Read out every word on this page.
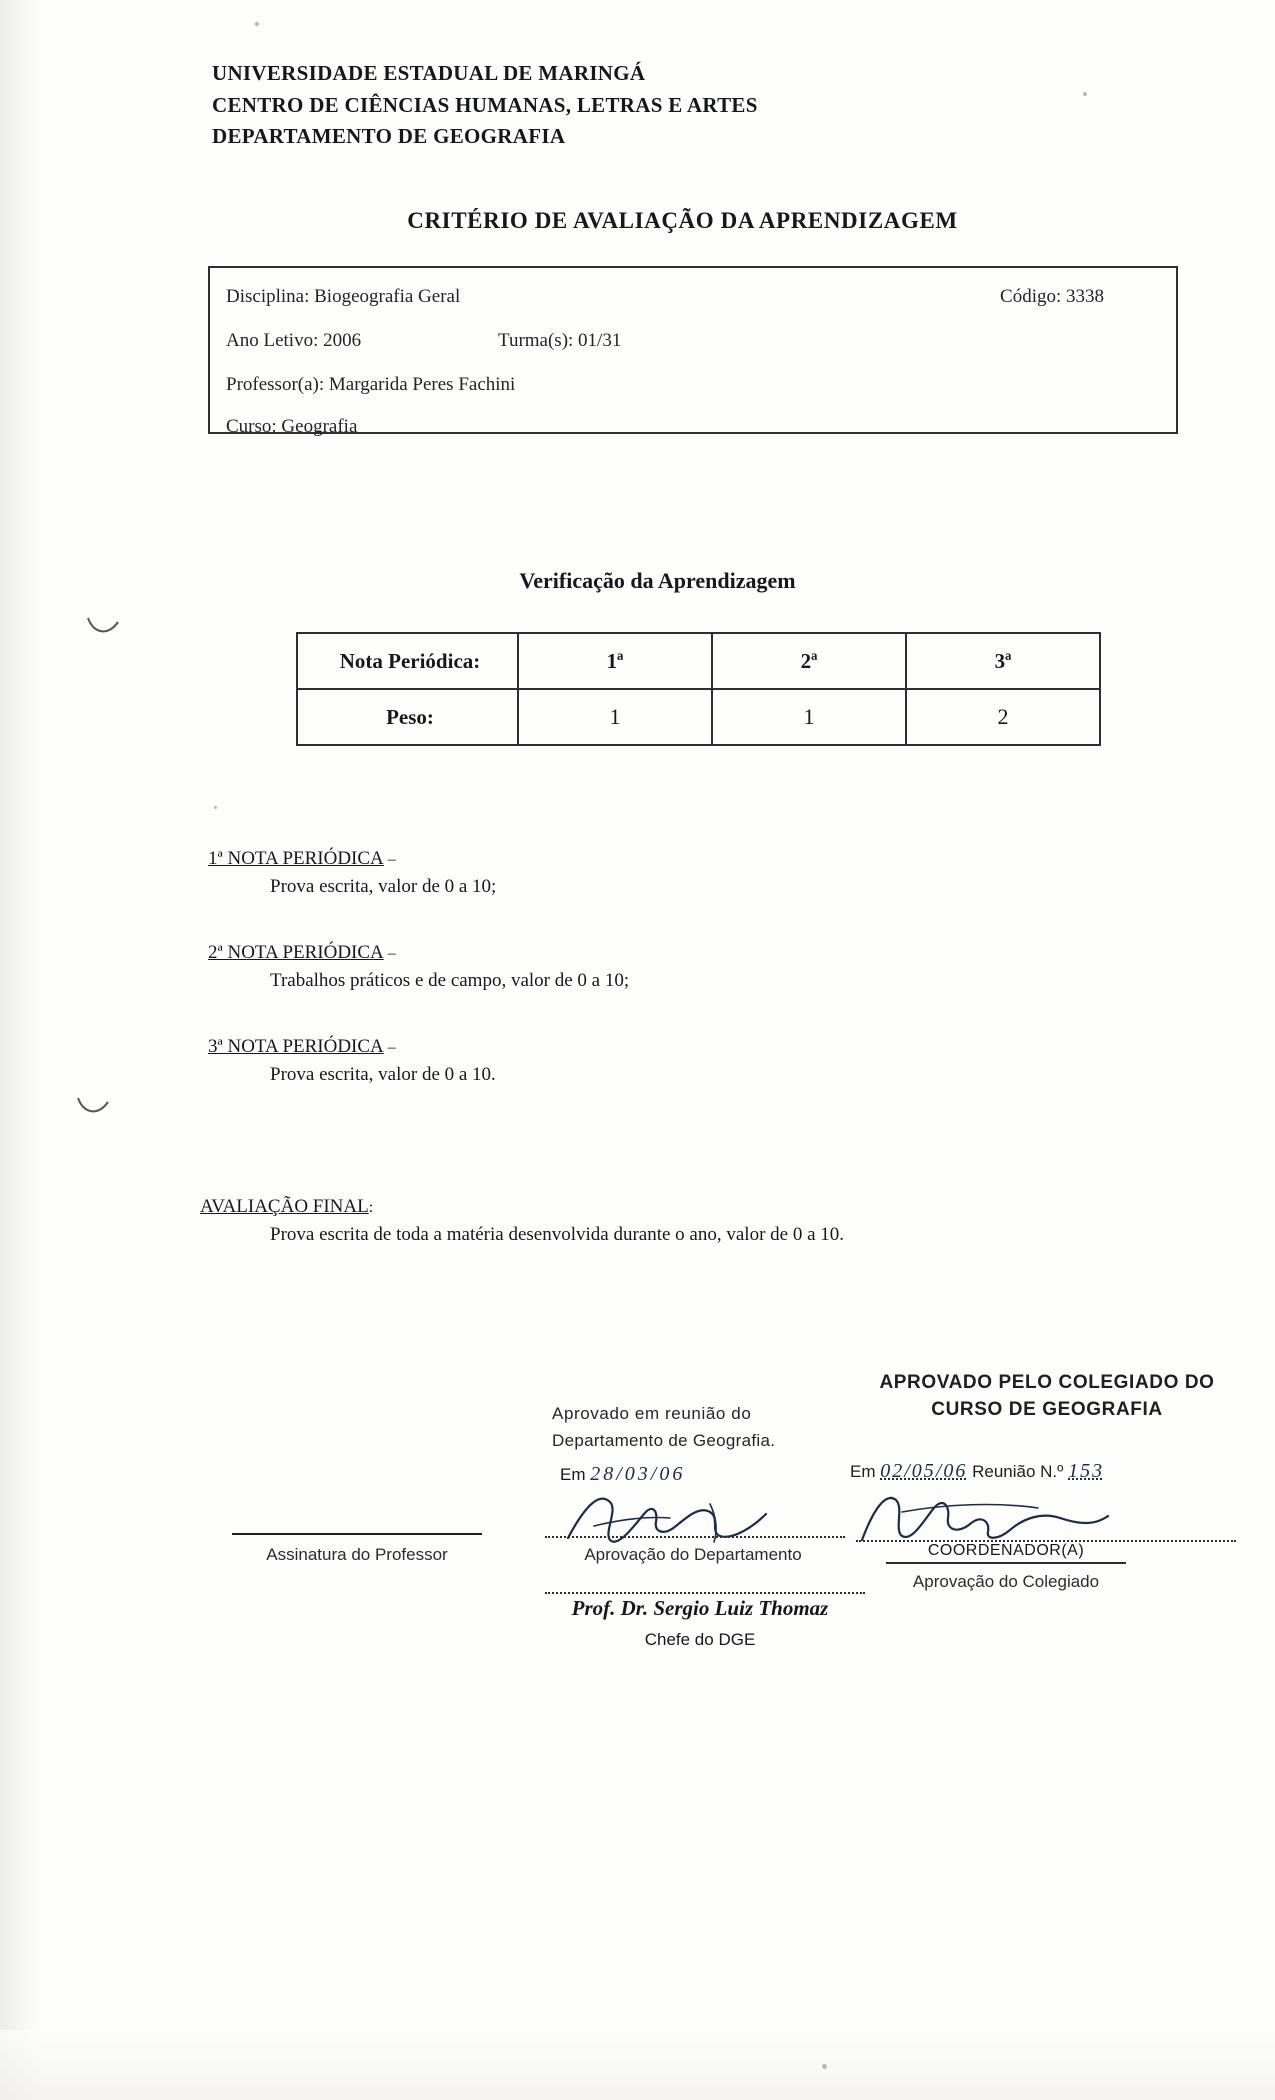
UNIVERSIDADE ESTADUAL DE MARINGÁ
CENTRO DE CIÊNCIAS HUMANAS, LETRAS E ARTES
DEPARTAMENTO DE GEOGRAFIA
CRITÉRIO DE AVALIAÇÃO DA APRENDIZAGEM
Disciplina: Biogeografia Geral	Código: 3338
Ano Letivo: 2006	Turma(s): 01/31
Professor(a): Margarida Peres Fachini
Curso: Geografia
Verificação da Aprendizagem
Nota Periódica:	1ª	2ª	3ª
Peso:	1	1	2
1ª NOTA PERIÓDICA –
Prova escrita, valor de 0 a 10;
2ª NOTA PERIÓDICA –
Trabalhos práticos e de campo, valor de 0 a 10;
3ª NOTA PERIÓDICA –
Prova escrita, valor de 0 a 10.
AVALIAÇÃO FINAL:
Prova escrita de toda a matéria desenvolvida durante o ano, valor de 0 a 10.
Assinatura do Professor
Aprovado em reunião do
Departamento de Geografia.
Em 28/03/06
Aprovação do Departamento
Prof. Dr. Sergio Luiz Thomaz
Chefe do DGE
APROVADO PELO COLEGIADO DO
CURSO DE GEOGRAFIA
Em 02/05/06 Reunião N.º 153
COORDENADOR(A)
Aprovação do Colegiado
